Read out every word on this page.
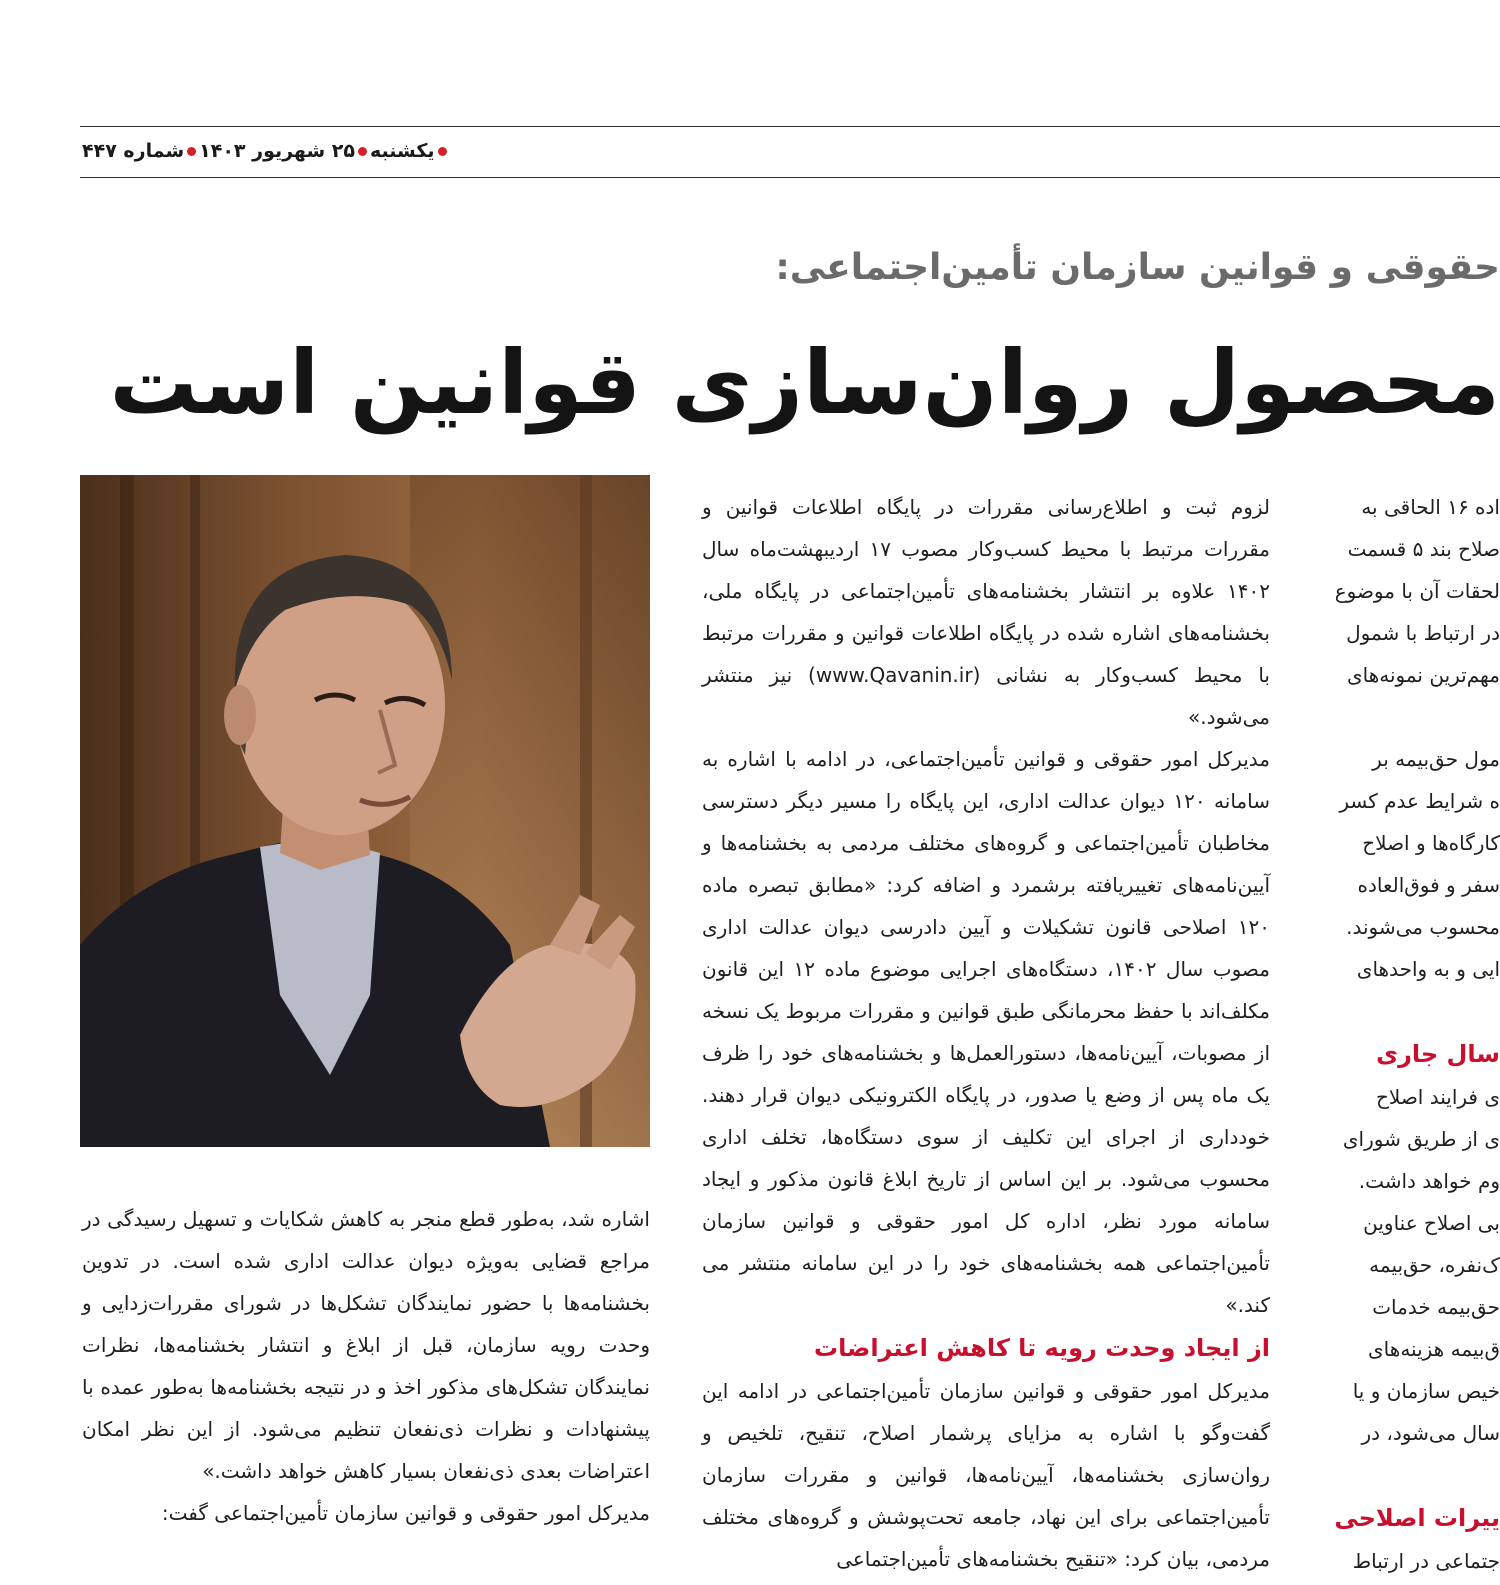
یکشنبه۲۵ شهریور ۱۴۰۳شماره ۴۴۷
حقوقی و قوانین سازمان تأمین‌اجتماعی:
محصول روان‌سازی قوانین است

لزوم ثبت و اطلاع‌رسانی مقررات در پایگاه اطلاعات قوانین و مقررات مرتبط با محیط کسب‌وکار مصوب ۱۷ اردیبهشت‌ماه سال ۱۴۰۲ علاوه بر انتشار بخشنامه‌های تأمین‌اجتماعی در پایگاه ملی، بخشنامه‌های اشاره شده در پایگاه اطلاعات قوانین و مقررات مرتبط با محیط کسب‌وکار به نشانی (www.Qavanin.ir) نیز منتشر می‌شود.»

مدیرکل امور حقوقی و قوانین تأمین‌اجتماعی، در ادامه با اشاره به سامانه ۱۲۰ دیوان عدالت اداری، این پایگاه را مسیر دیگر دسترسی مخاطبان تأمین‌اجتماعی و گروه‌های مختلف مردمی به بخشنامه‌ها و آیین‌نامه‌های تغییریافته برشمرد و اضافه کرد: «مطابق تبصره ماده ۱۲۰ اصلاحی قانون تشکیلات و آیین دادرسی دیوان عدالت اداری مصوب سال ۱۴۰۲، دستگاه‌های اجرایی موضوع ماده ۱۲ این قانون مکلف‌اند با حفظ محرمانگی طبق قوانین و مقررات مربوط یک نسخه از مصوبات، آیین‌نامه‌ها، دستورالعمل‌ها و بخشنامه‌های خود را ظرف یک ماه پس از وضع یا صدور، در پایگاه الکترونیکی دیوان قرار دهند. خودداری از اجرای این تکلیف از سوی دستگاه‌ها، تخلف اداری محسوب می‌شود. بر این اساس از تاریخ ابلاغ قانون مذکور و ایجاد سامانه مورد نظر، اداره کل امور حقوقی و قوانین سازمان تأمین‌اجتماعی همه بخشنامه‌های خود را در این سامانه منتشر می کند.»

از ایجاد وحدت رویه تا کاهش اعتراضات

مدیرکل امور حقوقی و قوانین سازمان تأمین‌اجتماعی در ادامه این گفت‌وگو با اشاره به مزایای پرشمار اصلاح، تنقیح، تلخیص و روان‌سازی بخشنامه‌ها، آیین‌نامه‌ها، قوانین و مقررات سازمان تأمین‌اجتماعی برای این نهاد، جامعه تحت‌پوشش و گروه‌های مختلف مردمی، بیان کرد: «تنقیح بخشنامه‌های تأمین‌اجتماعی

اشاره شد، به‌طور قطع منجر به کاهش شکایات و تسهیل رسیدگی در مراجع قضایی به‌ویژه دیوان عدالت اداری شده است. در تدوین بخشنامه‌ها با حضور نمایندگان تشکل‌ها در شورای مقررات‌زدایی و وحدت رویه سازمان، قبل از ابلاغ و انتشار بخشنامه‌ها، نظرات نمایندگان تشکل‌های مذکور اخذ و در نتیجه بخشنامه‌ها به‌طور عمده با پیشنهادات و نظرات ذی‌نفعان تنظیم می‌شود. از این نظر امکان اعتراضات بعدی ذی‌نفعان بسیار کاهش خواهد داشت.»

مدیرکل امور حقوقی و قوانین سازمان تأمین‌اجتماعی گفت:

اده ۱۶ الحاقی به
صلاح بند ۵ قسمت
لحقات آن با موضوع
در ارتباط با شمول
مهم‌ترین نمونه‌های
مول حق‌بیمه بر
ه شرایط عدم کسر
کارگاه‌ها و اصلاح
سفر و فوق‌العاده
محسوب می‌شوند.
ایی و به واحدهای

سال جاری

ی فرایند اصلاح
ی از طریق شورای
وم خواهد داشت.
بی اصلاح عناوین
ک‌نفره، حق‌بیمه
حق‌بیمه خدمات
ق‌بیمه هزینه‌های
خیص سازمان و یا
سال می‌شود، در

ییرات اصلاحی

جتماعی در ارتباط
